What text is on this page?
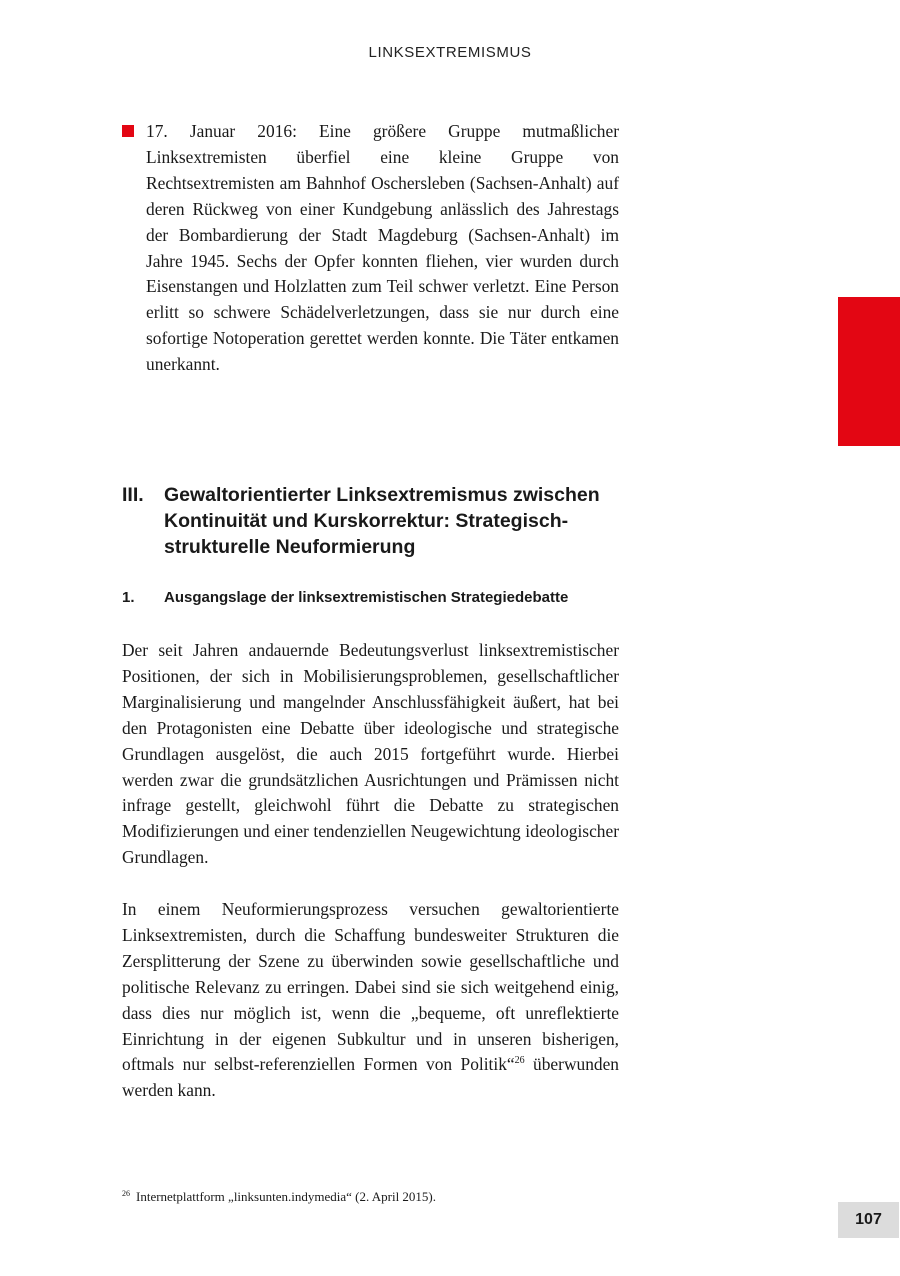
LINKSEXTREMISMUS

17. Januar 2016: Eine größere Gruppe mutmaßlicher Linksextremisten überfiel eine kleine Gruppe von Rechtsextremisten am Bahnhof Oschersleben (Sachsen-Anhalt) auf deren Rückweg von einer Kundgebung anlässlich des Jahrestags der Bombardierung der Stadt Magdeburg (Sachsen-Anhalt) im Jahre 1945. Sechs der Opfer konnten fliehen, vier wurden durch Eisenstangen und Holzlatten zum Teil schwer verletzt. Eine Person erlitt so schwere Schädelverletzungen, dass sie nur durch eine sofortige Notoperation gerettet werden konnte. Die Täter entkamen unerkannt.

III. Gewaltorientierter Linksextremismus zwischen Kontinuität und Kurskorrektur: Strategisch-strukturelle Neuformierung
1. Ausgangslage der linksextremistischen Strategiedebatte

Der seit Jahren andauernde Bedeutungsverlust linksextremistischer Positionen, der sich in Mobilisierungsproblemen, gesellschaftlicher Marginalisierung und mangelnder Anschlussfähigkeit äußert, hat bei den Protagonisten eine Debatte über ideologische und strategische Grundlagen ausgelöst, die auch 2015 fortgeführt wurde. Hierbei werden zwar die grundsätzlichen Ausrichtungen und Prämissen nicht infrage gestellt, gleichwohl führt die Debatte zu strategischen Modifizierungen und einer tendenziellen Neugewichtung ideologischer Grundlagen.

In einem Neuformierungsprozess versuchen gewaltorientierte Linksextremisten, durch die Schaffung bundesweiter Strukturen die Zersplitterung der Szene zu überwinden sowie gesellschaftliche und politische Relevanz zu erringen. Dabei sind sie sich weitgehend einig, dass dies nur möglich ist, wenn die „bequeme, oft unreflektierte Einrichtung in der eigenen Subkultur und in unseren bisherigen, oftmals nur selbst-referenziellen Formen von Politik“$^{26}$ überwunden werden kann.

$^{26}$ Internetplattform „linksunten.indymedia“ (2. April 2015).
107
